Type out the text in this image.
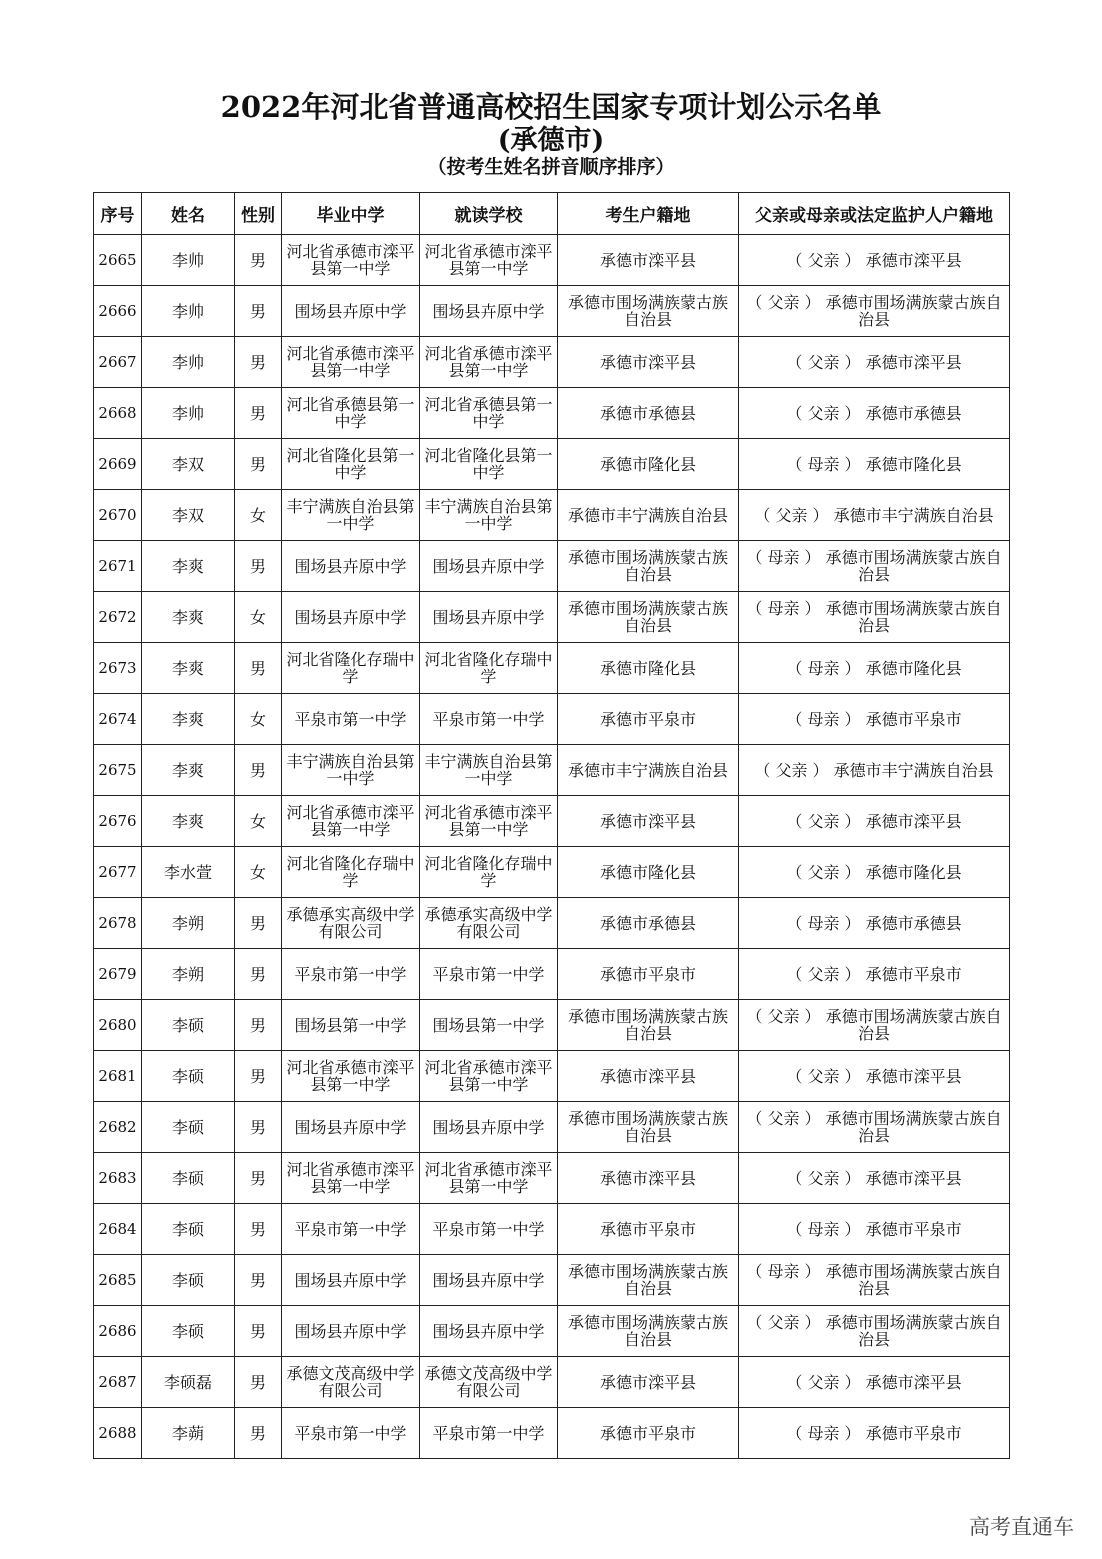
2022年河北省普通高校招生国家专项计划公示名单
(承德市)
（按考生姓名拼音顺序排序）
序号	姓名	性别	毕业中学	就读学校	考生户籍地	父亲或母亲或法定监护人户籍地
2665	李帅	男	河北省承德市滦平县第一中学	河北省承德市滦平县第一中学	承德市滦平县	（ 父亲 ） 承德市滦平县
2666	李帅	男	围场县卉原中学	围场县卉原中学	承德市围场满族蒙古族自治县	（ 父亲 ） 承德市围场满族蒙古族自治县
2667	李帅	男	河北省承德市滦平县第一中学	河北省承德市滦平县第一中学	承德市滦平县	（ 父亲 ） 承德市滦平县
2668	李帅	男	河北省承德县第一中学	河北省承德县第一中学	承德市承德县	（ 父亲 ） 承德市承德县
2669	李双	男	河北省隆化县第一中学	河北省隆化县第一中学	承德市隆化县	（ 母亲 ） 承德市隆化县
2670	李双	女	丰宁满族自治县第一中学	丰宁满族自治县第一中学	承德市丰宁满族自治县	（ 父亲 ） 承德市丰宁满族自治县
2671	李爽	男	围场县卉原中学	围场县卉原中学	承德市围场满族蒙古族自治县	（ 母亲 ） 承德市围场满族蒙古族自治县
2672	李爽	女	围场县卉原中学	围场县卉原中学	承德市围场满族蒙古族自治县	（ 母亲 ） 承德市围场满族蒙古族自治县
2673	李爽	男	河北省隆化存瑞中学	河北省隆化存瑞中学	承德市隆化县	（ 母亲 ） 承德市隆化县
2674	李爽	女	平泉市第一中学	平泉市第一中学	承德市平泉市	（ 母亲 ） 承德市平泉市
2675	李爽	男	丰宁满族自治县第一中学	丰宁满族自治县第一中学	承德市丰宁满族自治县	（ 父亲 ） 承德市丰宁满族自治县
2676	李爽	女	河北省承德市滦平县第一中学	河北省承德市滦平县第一中学	承德市滦平县	（ 父亲 ） 承德市滦平县
2677	李水萱	女	河北省隆化存瑞中学	河北省隆化存瑞中学	承德市隆化县	（ 父亲 ） 承德市隆化县
2678	李朔	男	承德承实高级中学有限公司	承德承实高级中学有限公司	承德市承德县	（ 母亲 ） 承德市承德县
2679	李朔	男	平泉市第一中学	平泉市第一中学	承德市平泉市	（ 父亲 ） 承德市平泉市
2680	李硕	男	围场县第一中学	围场县第一中学	承德市围场满族蒙古族自治县	（ 父亲 ） 承德市围场满族蒙古族自治县
2681	李硕	男	河北省承德市滦平县第一中学	河北省承德市滦平县第一中学	承德市滦平县	（ 父亲 ） 承德市滦平县
2682	李硕	男	围场县卉原中学	围场县卉原中学	承德市围场满族蒙古族自治县	（ 父亲 ） 承德市围场满族蒙古族自治县
2683	李硕	男	河北省承德市滦平县第一中学	河北省承德市滦平县第一中学	承德市滦平县	（ 父亲 ） 承德市滦平县
2684	李硕	男	平泉市第一中学	平泉市第一中学	承德市平泉市	（ 母亲 ） 承德市平泉市
2685	李硕	男	围场县卉原中学	围场县卉原中学	承德市围场满族蒙古族自治县	（ 母亲 ） 承德市围场满族蒙古族自治县
2686	李硕	男	围场县卉原中学	围场县卉原中学	承德市围场满族蒙古族自治县	（ 父亲 ） 承德市围场满族蒙古族自治县
2687	李硕磊	男	承德文茂高级中学有限公司	承德文茂高级中学有限公司	承德市滦平县	（ 父亲 ） 承德市滦平县
2688	李蒴	男	平泉市第一中学	平泉市第一中学	承德市平泉市	（ 母亲 ） 承德市平泉市
高考直通车
